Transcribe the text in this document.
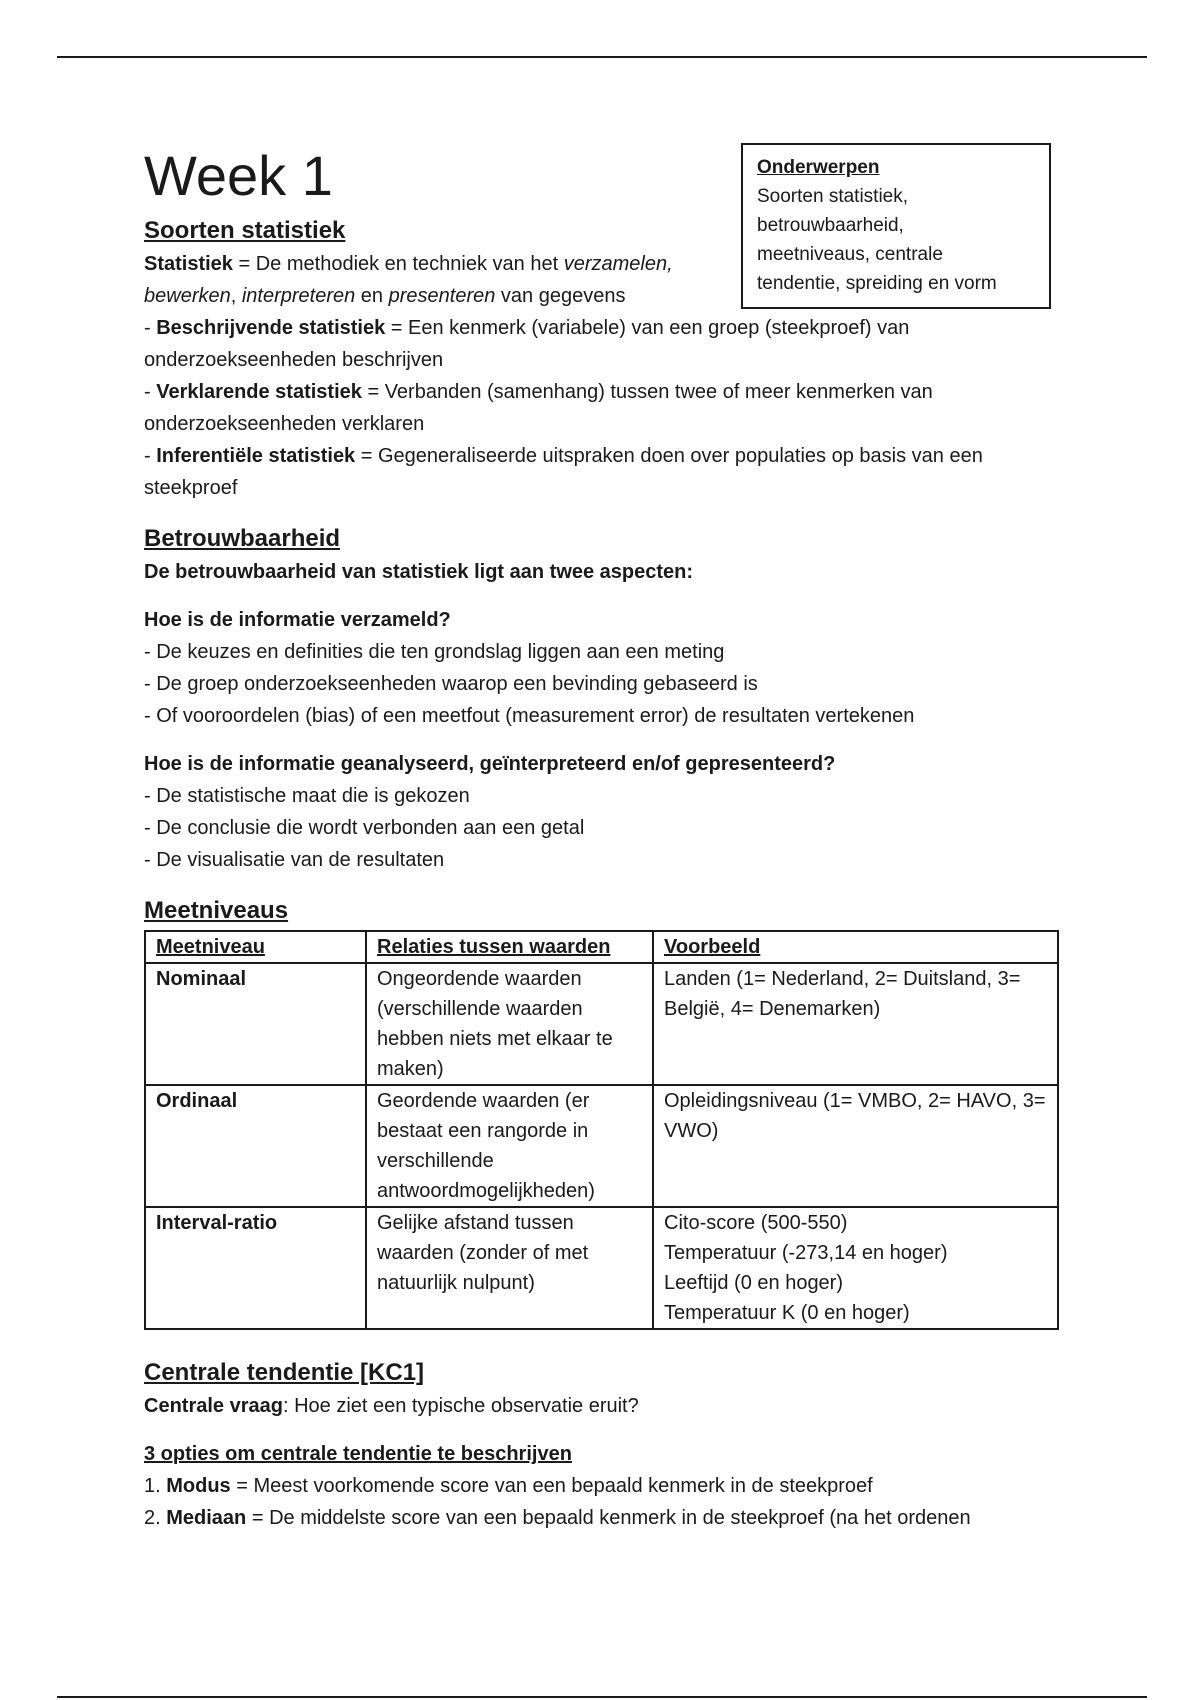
Onderwerpen
Soorten statistiek,
betrouwbaarheid,
meetniveaus, centrale
tendentie, spreiding en vorm
Week 1
Soorten statistiek

Statistiek = De methodiek en techniek van het verzamelen, bewerken, interpreteren en presenteren van gegevens

- Beschrijvende statistiek = Een kenmerk (variabele) van een groep (steekproef) van onderzoekseenheden beschrijven

- Verklarende statistiek = Verbanden (samenhang) tussen twee of meer kenmerken van onderzoekseenheden verklaren

- Inferentiële statistiek = Gegeneraliseerde uitspraken doen over populaties op basis van een steekproef

Betrouwbaarheid

De betrouwbaarheid van statistiek ligt aan twee aspecten:

Hoe is de informatie verzameld?

- De keuzes en definities die ten grondslag liggen aan een meting

- De groep onderzoekseenheden waarop een bevinding gebaseerd is

- Of vooroordelen (bias) of een meetfout (measurement error) de resultaten vertekenen

Hoe is de informatie geanalyseerd, geïnterpreteerd en/of gepresenteerd?

- De statistische maat die is gekozen

- De conclusie die wordt verbonden aan een getal

- De visualisatie van de resultaten

Meetniveaus
Meetniveau	Relaties tussen waarden	Voorbeeld
Nominaal	Ongeordende waarden (verschillende waarden hebben niets met elkaar te maken)	Landen (1= Nederland, 2= Duitsland, 3= België, 4= Denemarken)

Ordinaal	Geordende waarden (er bestaat een rangorde in verschillende antwoordmogelijkheden)	Opleidingsniveau (1= VMBO, 2= HAVO, 3= VWO)

Interval-ratio	Gelijke afstand tussen waarden (zonder of met natuurlijk nulpunt)	Cito-score (500-550)
Temperatuur (-273,14 en hoger)
Leeftijd (0 en hoger)
Temperatuur K (0 en hoger)
Centrale tendentie [KC1]

Centrale vraag: Hoe ziet een typische observatie eruit?

3 opties om centrale tendentie te beschrijven

1. Modus = Meest voorkomende score van een bepaald kenmerk in de steekproef

2. Mediaan = De middelste score van een bepaald kenmerk in de steekproef (na het ordenen
